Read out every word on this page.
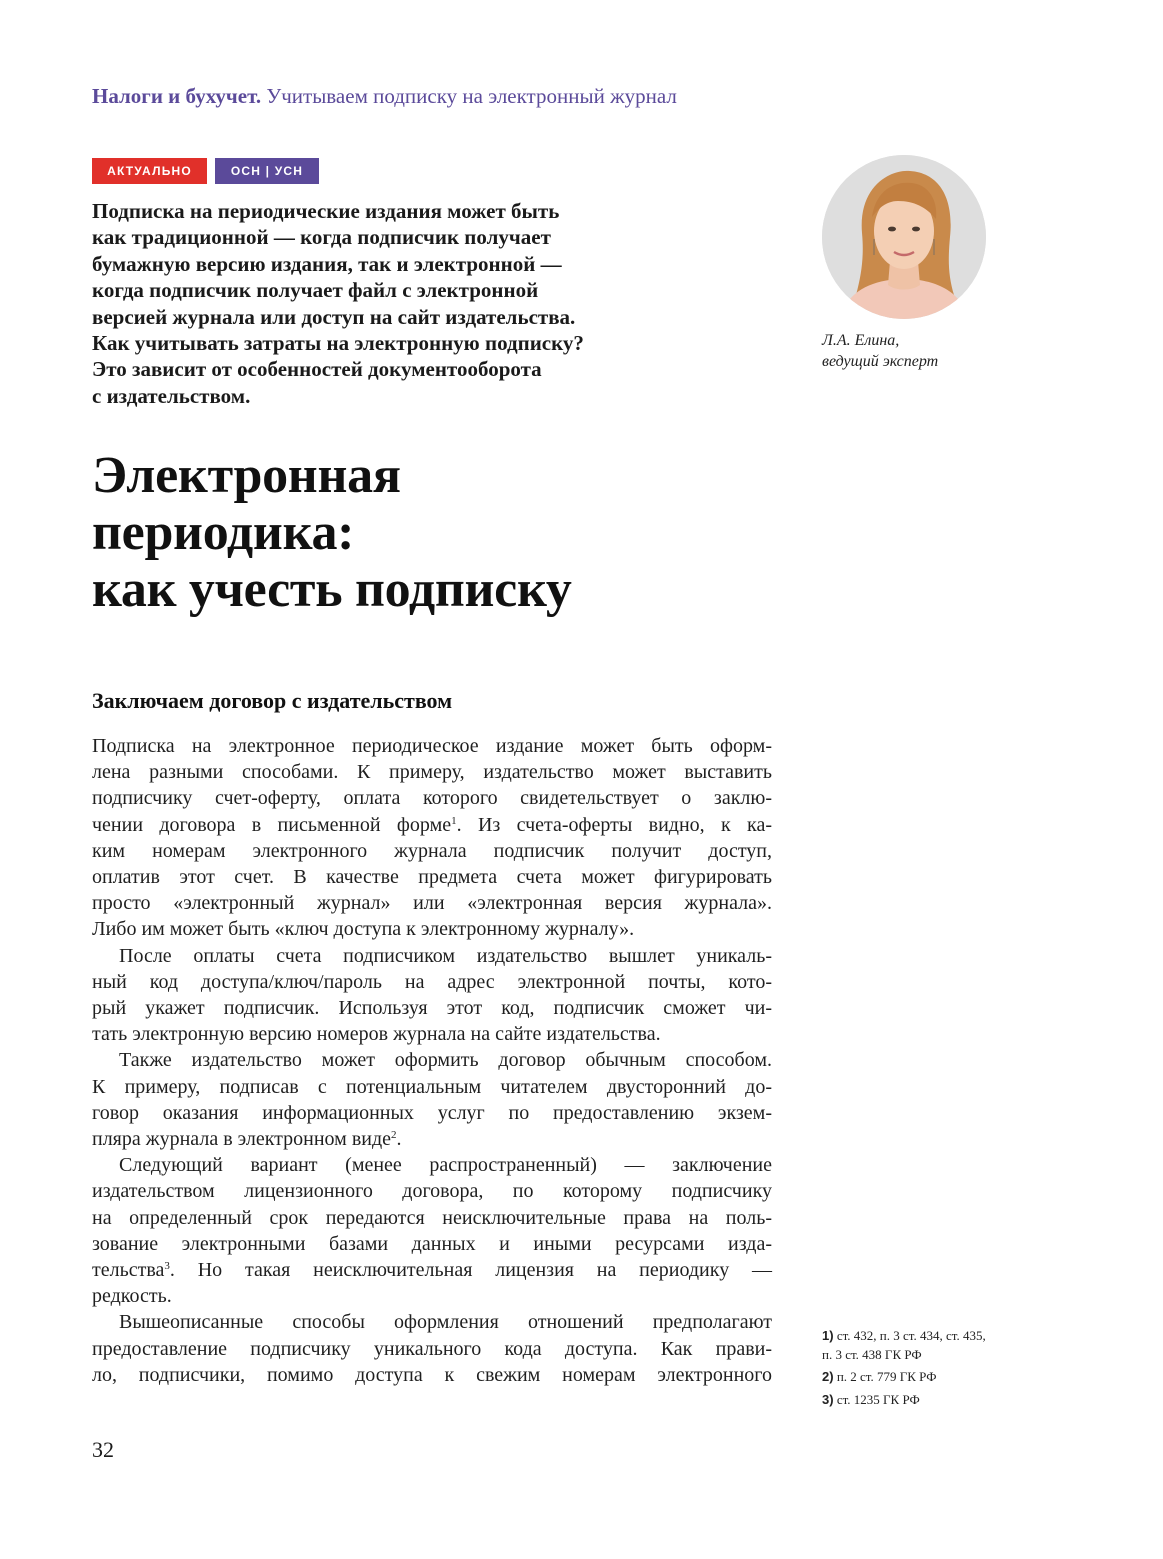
Налоги и бухучет. Учитываем подписку на электронный журнал
АКТУАЛЬНО	ОСН | УСН
Подписка на периодические издания может быть
как традиционной — когда подписчик получает
бумажную версию издания, так и электронной —
когда подписчик получает файл с электронной
версией журнала или доступ на сайт издательства.
Как учитывать затраты на электронную подписку?
Это зависит от особенностей документооборота
с издательством.
Л.А. Елина,
ведущий эксперт
Электронная
периодика:
как учесть подписку
Заключаем договор с издательством
Подписка на электронное периодическое издание может быть оформ-
лена разными способами. К примеру, издательство может выставить
подписчику счет-оферту, оплата которого свидетельствует о заклю-
чении договора в письменной форме$^1$. Из счета-оферты видно, к ка-
ким номерам электронного журнала подписчик получит доступ,
оплатив этот счет. В качестве предмета счета может фигурировать
просто «электронный журнал» или «электронная версия журнала».
Либо им может быть «ключ доступа к электронному журналу».
После оплаты счета подписчиком издательство вышлет уникаль-
ный код доступа/ключ/пароль на адрес электронной почты, кото-
рый укажет подписчик. Используя этот код, подписчик сможет чи-
тать электронную версию номеров журнала на сайте издательства.
Также издательство может оформить договор обычным способом.
К примеру, подписав с потенциальным читателем двусторонний до-
говор оказания информационных услуг по предоставлению экзем-
пляра журнала в электронном виде$^2$.
Следующий вариант (менее распространенный) — заключение
издательством лицензионного договора, по которому подписчику
на определенный срок передаются неисключительные права на поль-
зование электронными базами данных и иными ресурсами изда-
тельства$^3$. Но такая неисключительная лицензия на периодику —
редкость.
Вышеописанные способы оформления отношений предполагают
предоставление подписчику уникального кода доступа. Как прави-
ло, подписчики, помимо доступа к свежим номерам электронного
1) ст. 432, п. 3 ст. 434, ст. 435,
п. 3 ст. 438 ГК РФ
2) п. 2 ст. 779 ГК РФ
3) ст. 1235 ГК РФ
32
